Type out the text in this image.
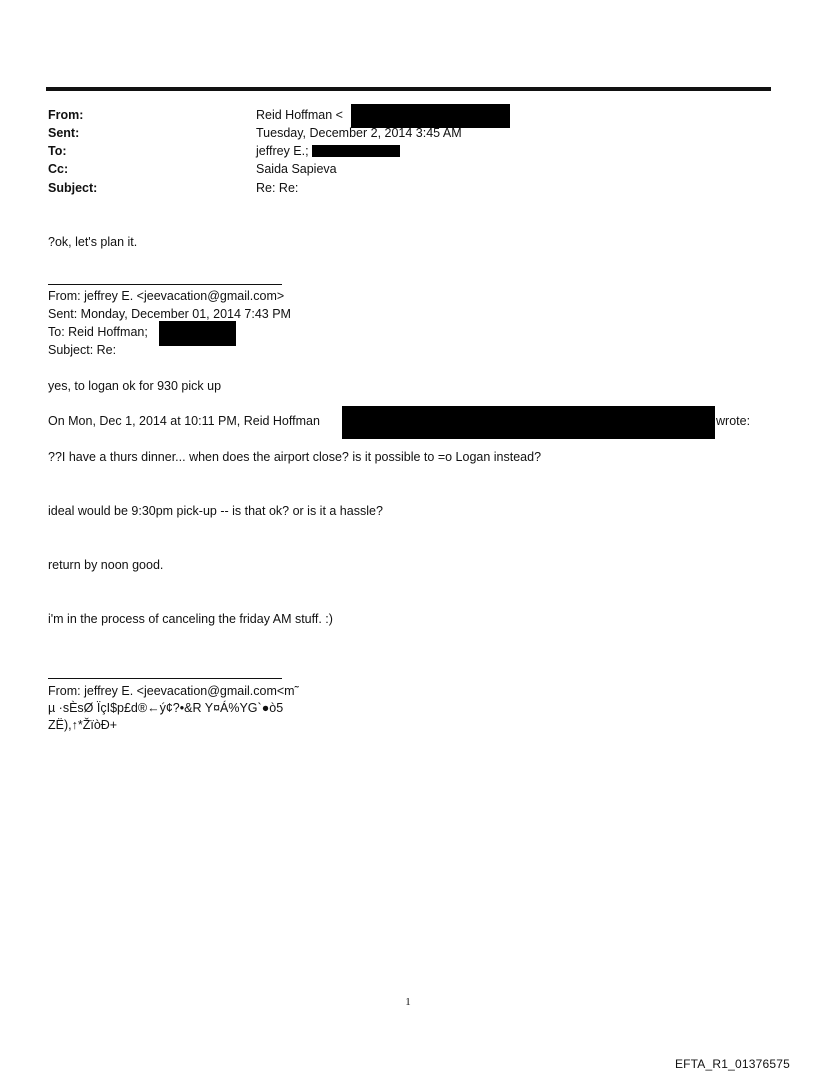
From:	Reid Hoffman <
Sent:	Tuesday, December 2, 2014 3:45 AM
To:	jeffrey E.;
Cc:	Saida Sapieva
Subject:	Re: Re:
?ok, let's plan it.
From: jeffrey E. <jeevacation@gmail.com>
Sent: Monday, December 01, 2014 7:43 PM
To: Reid Hoffman;
Subject: Re:
yes, to logan ok for 930 pick up
On Mon, Dec 1, 2014 at 10:11 PM, Reid Hoffman	wrote:
??I have a thurs dinner... when does the airport close? is it possible to =o Logan instead?
ideal would be 9:30pm pick-up -- is that ok? or is it a hassle?
return by noon good.
i'm in the process of canceling the friday AM stuff. :)
From: jeffrey E. <jeevacation@gmail.com<m˜
µ ·sÈsØ ÏçI$p£d®←ý¢?•&R Y¤Á%YG`●ò5
ZË),↑*ŽïòÐ+
1
EFTA_R1_01376575
